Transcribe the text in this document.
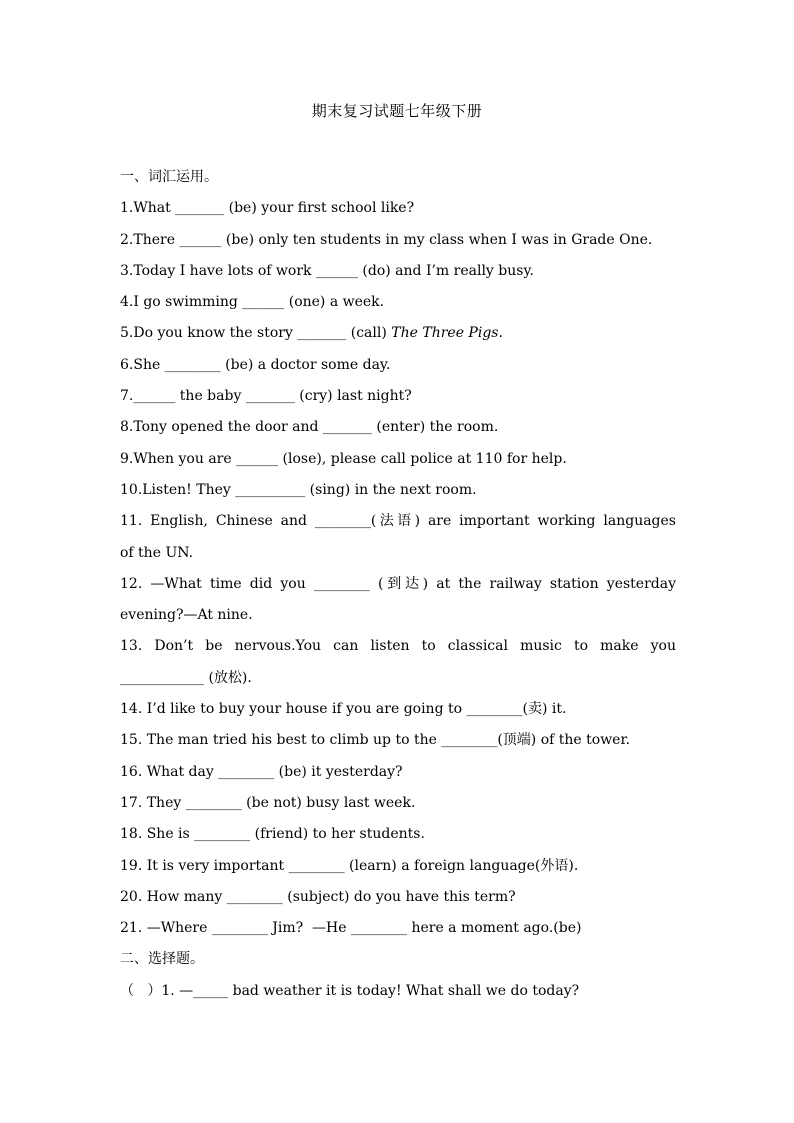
期末复习试题七年级下册
一、词汇运用。
1.What _______ (be) your first school like?
2.There ______ (be) only ten students in my class when I was in Grade One.
3.Today I have lots of work ______ (do) and I’m really busy.
4.I go swimming ______ (one) a week.
5.Do you know the story _______ (call) The Three Pigs.
6.She ________ (be) a doctor some day.
7.______ the baby _______ (cry) last night?
8.Tony opened the door and _______ (enter) the room.
9.When you are ______ (lose), please call police at 110 for help.
10.Listen! They __________ (sing) in the next room.
11. English, Chinese and ________(法语) are important working languages
of the UN.
12. —What time did you ________ (到达) at the railway station yesterday
evening?—At nine.
13. Don’t be nervous.You can listen to classical music to make you
____________ (放松).
14. I’d like to buy your house if you are going to ________(卖) it.
15. The man tried his best to climb up to the ________(顶端) of the tower.
16. What day ________ (be) it yesterday?
17. They ________ (be not) busy last week.
18. She is ________ (friend) to her students.
19. It is very important ________ (learn) a foreign language(外语).
20. How many ________ (subject) do you have this term?
21. —Where ________ Jim?  —He ________ here a moment ago.(be)
二、选择题。
（   ）1. —_____ bad weather it is today! What shall we do today?
